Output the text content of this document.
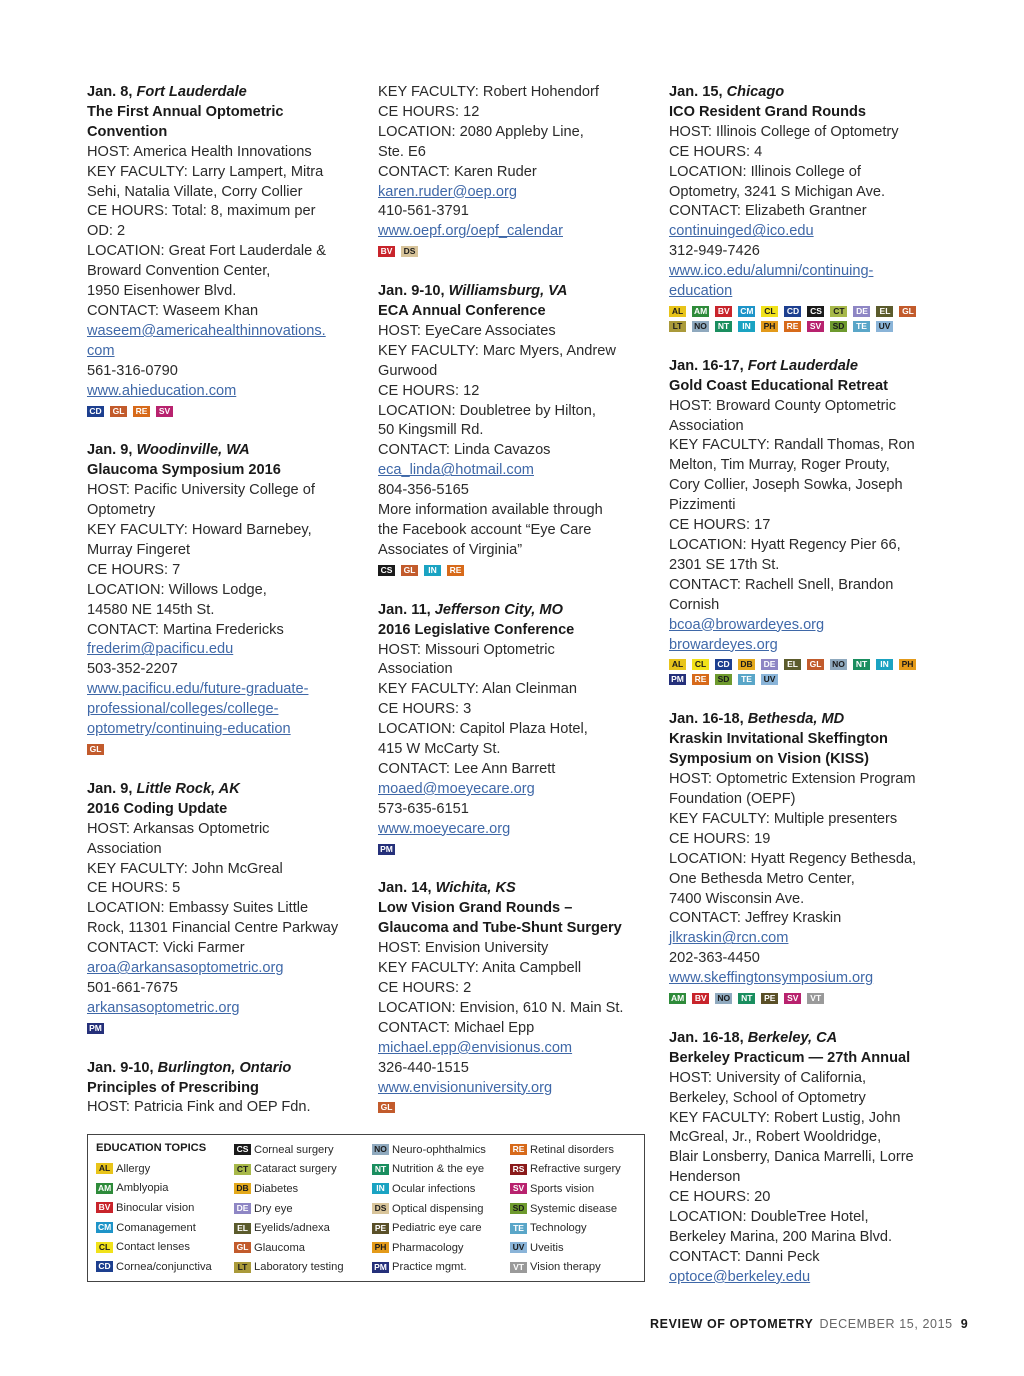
Jan. 8, Fort Lauderdale
The First Annual Optometric
Convention
HOST: America Health Innovations
KEY FACULTY: Larry Lampert, Mitra
Sehi, Natalia Villate, Corry Collier
CE HOURS: Total: 8, maximum per
OD: 2
LOCATION: Great Fort Lauderdale &
Broward Convention Center,
1950 Eisenhower Blvd.
CONTACT: Waseem Khan
waseem@americahealthinnovations.
com
561-316-0790
www.ahieducation.com
CD	GL	RE	SV
Jan. 9, Woodinville, WA
Glaucoma Symposium 2016
HOST: Pacific University College of
Optometry
KEY FACULTY: Howard Barnebey,
Murray Fingeret
CE HOURS: 7
LOCATION: Willows Lodge,
14580 NE 145th St.
CONTACT: Martina Fredericks
frederim@pacificu.edu
503-352-2207
www.pacificu.edu/future-graduate-
professional/colleges/college-
optometry/continuing-education
GL
Jan. 9, Little Rock, AK
2016 Coding Update
HOST: Arkansas Optometric
Association
KEY FACULTY: John McGreal
CE HOURS: 5
LOCATION: Embassy Suites Little
Rock, 11301 Financial Centre Parkway
CONTACT: Vicki Farmer
aroa@arkansasoptometric.org
501-661-7675
arkansasoptometric.org
PM
Jan. 9-10, Burlington, Ontario
Principles of Prescribing
HOST: Patricia Fink and OEP Fdn.
KEY FACULTY: Robert Hohendorf
CE HOURS: 12
LOCATION: 2080 Appleby Line,
Ste. E6
CONTACT: Karen Ruder
karen.ruder@oep.org
410-561-3791
www.oepf.org/oepf_calendar
BV	DS
Jan. 9-10, Williamsburg, VA
ECA Annual Conference
HOST: EyeCare Associates
KEY FACULTY: Marc Myers, Andrew
Gurwood
CE HOURS: 12
LOCATION: Doubletree by Hilton,
50 Kingsmill Rd.
CONTACT: Linda Cavazos
eca_linda@hotmail.com
804-356-5165
More information available through
the Facebook account “Eye Care
Associates of Virginia”
CS	GL	IN	RE
Jan. 11, Jefferson City, MO
2016 Legislative Conference
HOST: Missouri Optometric
Association
KEY FACULTY: Alan Cleinman
CE HOURS: 3
LOCATION: Capitol Plaza Hotel,
415 W McCarty St.
CONTACT: Lee Ann Barrett
moaed@moeyecare.org
573-635-6151
www.moeyecare.org
PM
Jan. 14, Wichita, KS
Low Vision Grand Rounds –
Glaucoma and Tube-Shunt Surgery
HOST: Envision University
KEY FACULTY: Anita Campbell
CE HOURS: 2
LOCATION: Envision, 610 N. Main St.
CONTACT: Michael Epp
michael.epp@envisionus.com
326-440-1515
www.envisionuniversity.org
GL
Jan. 15, Chicago
ICO Resident Grand Rounds
HOST: Illinois College of Optometry
CE HOURS: 4
LOCATION: Illinois College of
Optometry, 3241 S Michigan Ave.
CONTACT: Elizabeth Grantner
continuinged@ico.edu
312-949-7426
www.ico.edu/alumni/continuing-
education
AL	AM	BV	CM	CL	CD	CS	CT	DE	EL	GL
LT	NO	NT	IN	PH	RE	SV	SD	TE	UV
Jan. 16-17, Fort Lauderdale
Gold Coast Educational Retreat
HOST: Broward County Optometric
Association
KEY FACULTY: Randall Thomas, Ron
Melton, Tim Murray, Roger Prouty,
Cory Collier, Joseph Sowka, Joseph
Pizzimenti
CE HOURS: 17
LOCATION: Hyatt Regency Pier 66,
2301 SE 17th St.
CONTACT: Rachell Snell, Brandon
Cornish
bcoa@browardeyes.org
browardeyes.org
AL	CL	CD DB	DE	EL	GL	NO	NT	IN	PH
PM	RE	SD	TE	UV
Jan. 16-18, Bethesda, MD
Kraskin Invitational Skeffington
Symposium on Vision (KISS)
HOST: Optometric Extension Program
Foundation (OEPF)
KEY FACULTY: Multiple presenters
CE HOURS: 19
LOCATION: Hyatt Regency Bethesda,
One Bethesda Metro Center,
7400 Wisconsin Ave.
CONTACT: Jeffrey Kraskin
jlkraskin@rcn.com
202-363-4450
www.skeffingtonsymposium.org
AM	BV	NO	NT	PE	SV	VT
Jan. 16-18, Berkeley, CA
Berkeley Practicum — 27th Annual
HOST: University of California,
Berkeley, School of Optometry
KEY FACULTY: Robert Lustig, John
McGreal, Jr., Robert Wooldridge,
Blair Lonsberry, Danica Marrelli, Lorre
Henderson
CE HOURS: 20
LOCATION: DoubleTree Hotel,
Berkeley Marina, 200 Marina Blvd.
CONTACT: Danni Peck
optoce@berkeley.edu
EDUCATION TOPICS
AL Allergy
AM Amblyopia
BV Binocular vision
CM Comanagement
CL Contact lenses
CD Cornea/conjunctiva
CS Corneal surgery
CT Cataract surgery
DB Diabetes
DE Dry eye
EL Eyelids/adnexa
GL Glaucoma
LT Laboratory testing
NO Neuro-ophthalmics
NT Nutrition & the eye
IN Ocular infections
DS Optical dispensing
PE Pediatric eye care
PH Pharmacology
PM Practice mgmt.
RE Retinal disorders
RS Refractive surgery
SV Sports vision
SD Systemic disease
TE Technology
UV Uveitis
VT Vision therapy
REVIEW OF OPTOMETRY DECEMBER 15, 2015 9
